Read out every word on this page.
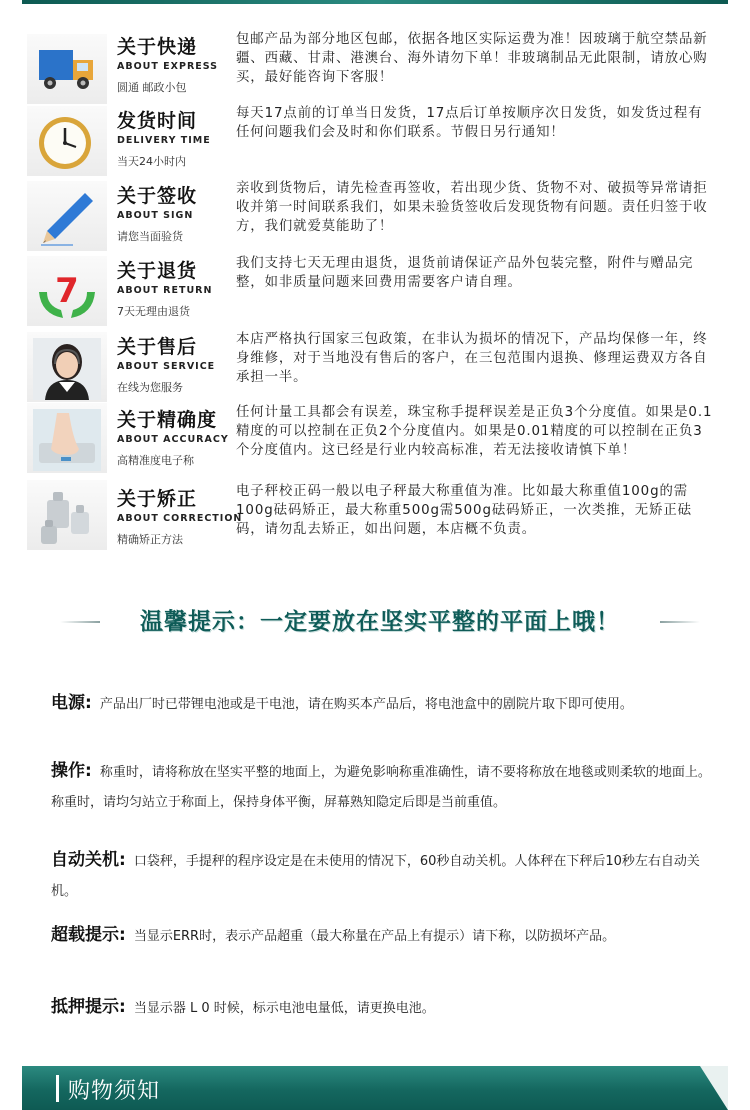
关于快递
ABOUT EXPRESS
圆通 邮政小包
包邮产品为部分地区包邮，依据各地区实际运费为准！因玻璃于航空禁品新疆、西藏、甘肃、港澳台、海外请勿下单！非玻璃制品无此限制，请放心购买，最好能咨询下客服！
发货时间
DELIVERY TIME
当天24小时内
每天17点前的订单当日发货，17点后订单按顺序次日发货，如发货过程有任何问题我们会及时和你们联系。节假日另行通知！
关于签收
ABOUT SIGN
请您当面验货
亲收到货物后，请先检查再签收，若出现少货、货物不对、破损等异常请拒收并第一时间联系我们，如果未验货签收后发现货物有问题。责任归签于收方，我们就爱莫能助了！
7 关于退货
ABOUT RETURN
7天无理由退货
我们支持七天无理由退货，退货前请保证产品外包装完整，附件与赠品完整，如非质量问题来回费用需要客户请自理。
关于售后
ABOUT SERVICE
在线为您服务
本店严格执行国家三包政策，在非认为损坏的情况下，产品均保修一年，终身维修，对于当地没有售后的客户，在三包范围内退换、修理运费双方各自承担一半。
关于精确度
ABOUT ACCURACY
高精准度电子称
任何计量工具都会有误差，珠宝称手提秤误差是正负3个分度值。如果是0.1精度的可以控制在正负2个分度值内。如果是0.01精度的可以控制在正负3个分度值内。这已经是行业内较高标准，若无法接收请慎下单！
关于矫正
ABOUT CORRECTION
精确矫正方法
电子秤校正码一般以电子秤最大称重值为准。比如最大称重值100g的需100g砝码矫正，最大称重500g需500g砝码矫正，一次类推，无矫正砝码，请勿乱去矫正，如出问题，本店概不负责。
温馨提示：一定要放在坚实平整的平面上哦！
电源: 产品出厂时已带锂电池或是干电池，请在购买本产品后，将电池盒中的剧院片取下即可使用。
操作: 称重时，请将称放在坚实平整的地面上，为避免影响称重准确性，请不要将称放在地毯或则柔软的地面上。称重时，请均匀站立于称面上，保持身体平衡，屏幕熟知隐定后即是当前重值。
自动关机: 口袋秤，手提秤的程序设定是在未使用的情况下，60秒自动关机。人体秤在下秤后10秒左右自动关机。
超载提示: 当显示ERR时，表示产品超重（最大称量在产品上有提示）请下称，以防损坏产品。
抵押提示: 当显示器 L 0 时候，标示电池电量低，请更换电池。
购物须知
